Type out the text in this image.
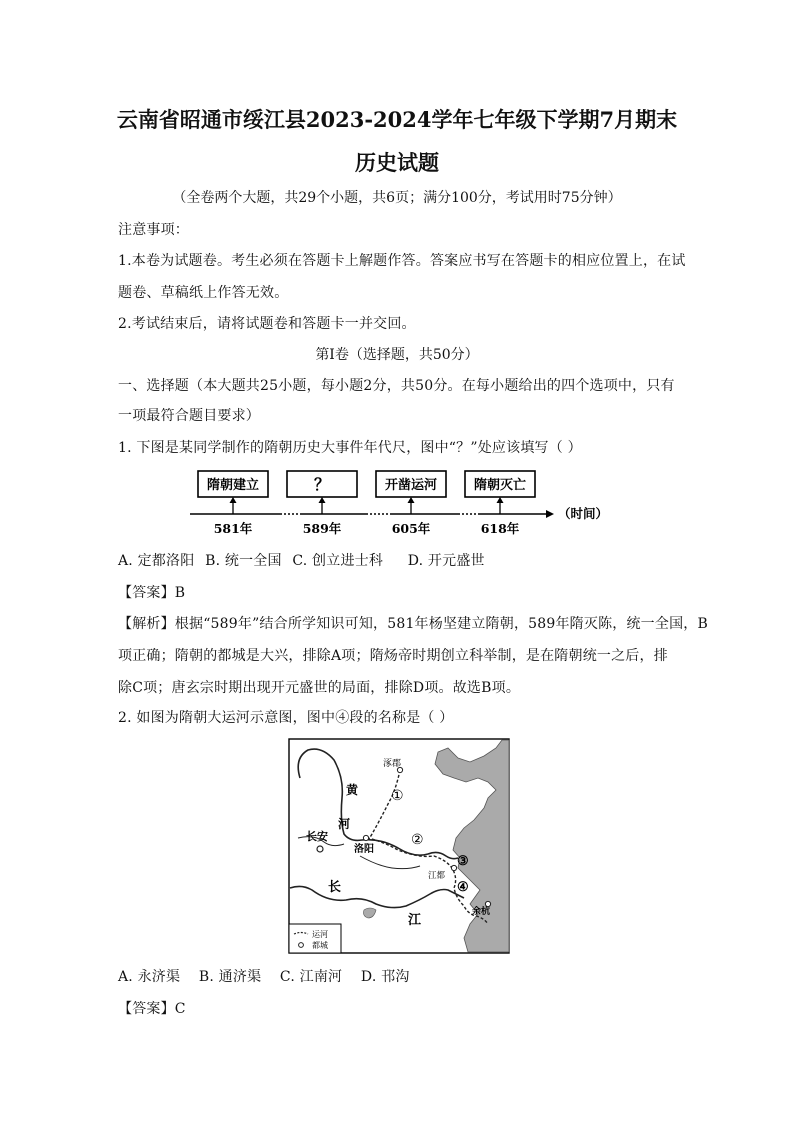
云南省昭通市绥江县2023-2024学年七年级下学期7月期末
历史试题
（全卷两个大题，共29个小题，共6页；满分100分，考试用时75分钟）
注意事项：
1.本卷为试题卷。考生必须在答题卡上解题作答。答案应书写在答题卡的相应位置上，在试
题卷、草稿纸上作答无效。
2.考试结束后，请将试题卷和答题卡一并交回。
第Ⅰ卷（选择题，共50分）
一、选择题（本大题共25小题，每小题2分，共50分。在每小题给出的四个选项中，只有
一项最符合题目要求）
1. 下图是某同学制作的隋朝历史大事件年代尺，图中“？”处应该填写（ ）
隋朝建立	？	开凿运河	隋朝灭亡
581年	589年	605年	618年
（时间）
A. 定都洛阳 B. 统一全国 C. 创立进士科 D. 开元盛世
【答案】B
【解析】根据“589年”结合所学知识可知，581年杨坚建立隋朝，589年隋灭陈，统一全国，B
项正确；隋朝的都城是大兴，排除A项；隋炀帝时期创立科举制，是在隋朝统一之后，排
除C项；唐玄宗时期出现开元盛世的局面，排除D项。故选B项。
2. 如图为隋朝大运河示意图，图中④段的名称是（ ）
涿郡
黄
河
长安
洛阳
江都
余杭
长
江
①
②
③
④
运河
都城
A. 永济渠 B. 通济渠 C. 江南河 D. 邗沟
【答案】C
